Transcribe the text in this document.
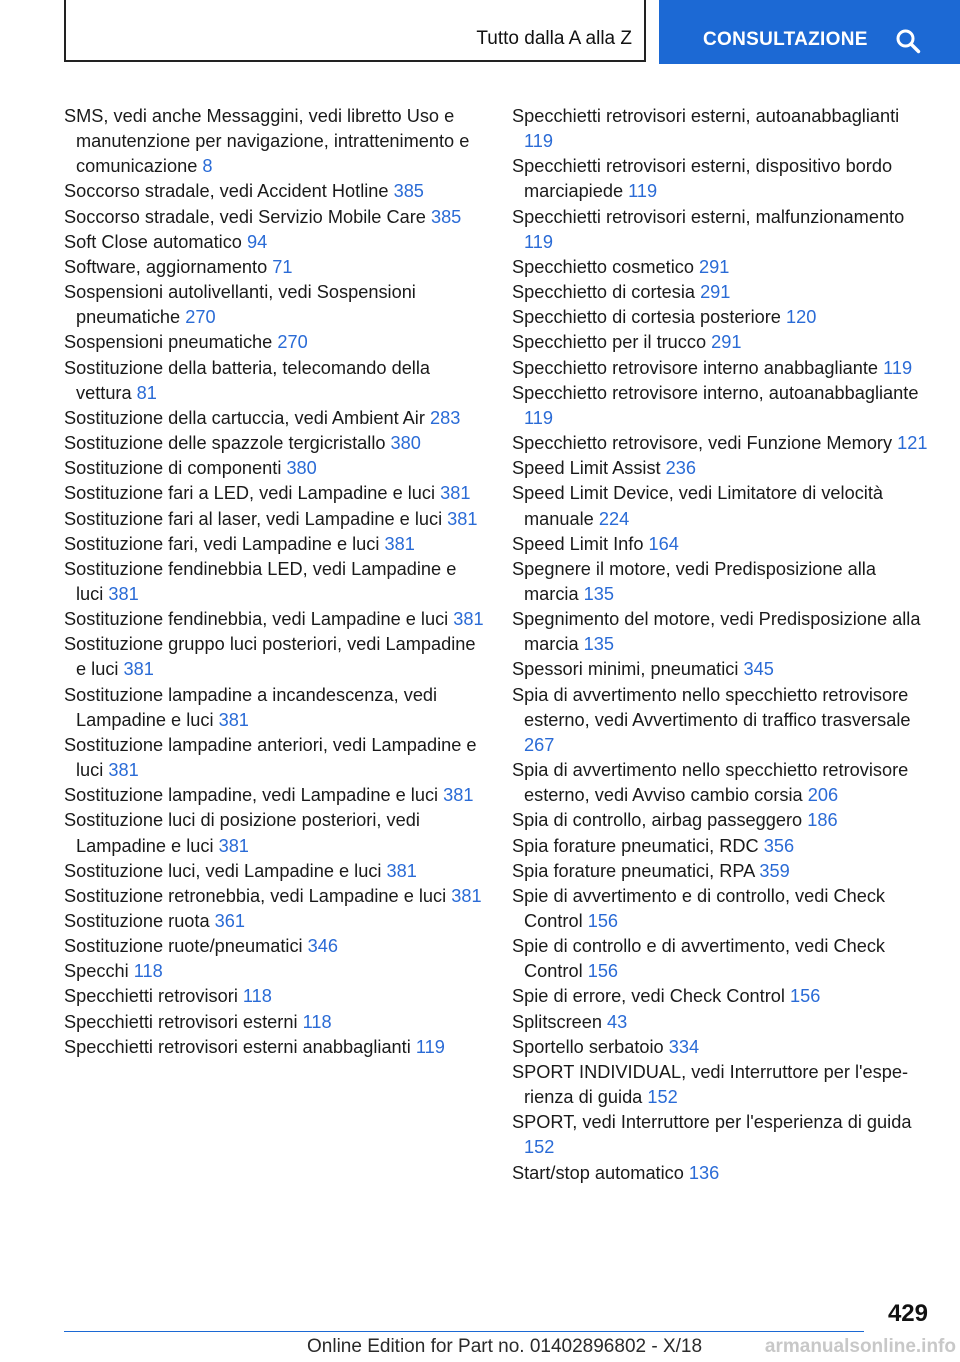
Tutto dalla A alla Z	CONSULTAZIONE
SMS, vedi anche Messaggini, vedi libretto Uso e manutenzione per navigazione, intrattenimento e comunicazione 8
Soccorso stradale, vedi Accident Hotline 385
Soccorso stradale, vedi Servizio Mobile Care 385
Soft Close automatico 94
Software, aggiornamento 71
Sospensioni autolivellanti, vedi Sospensioni pneumatiche 270
Sospensioni pneumatiche 270
Sostituzione della batteria, telecomando della vettura 81
Sostituzione della cartuccia, vedi Ambient Air 283
Sostituzione delle spazzole tergicristallo 380
Sostituzione di componenti 380
Sostituzione fari a LED, vedi Lampadine e luci 381
Sostituzione fari al laser, vedi Lampadine e luci 381
Sostituzione fari, vedi Lampadine e luci 381
Sostituzione fendinebbia LED, vedi Lampadine e luci 381
Sostituzione fendinebbia, vedi Lampadine e luci 381
Sostituzione gruppo luci posteriori, vedi Lampadine e luci 381
Sostituzione lampadine a incandescenza, vedi Lampadine e luci 381
Sostituzione lampadine anteriori, vedi Lampadine e luci 381
Sostituzione lampadine, vedi Lampadine e luci 381
Sostituzione luci di posizione posteriori, vedi Lampadine e luci 381
Sostituzione luci, vedi Lampadine e luci 381
Sostituzione retronebbia, vedi Lampadine e luci 381
Sostituzione ruota 361
Sostituzione ruote/pneumatici 346
Specchi 118
Specchietti retrovisori 118
Specchietti retrovisori esterni 118
Specchietti retrovisori esterni anabbaglianti 119
Specchietti retrovisori esterni, autoanabbaglianti 119
Specchietti retrovisori esterni, dispositivo bordo marciapiede 119
Specchietti retrovisori esterni, malfunzionamento 119
Specchietto cosmetico 291
Specchietto di cortesia 291
Specchietto di cortesia posteriore 120
Specchietto per il trucco 291
Specchietto retrovisore interno anabbagliante 119
Specchietto retrovisore interno, autoanabbagliante 119
Specchietto retrovisore, vedi Funzione Memory 121
Speed Limit Assist 236
Speed Limit Device, vedi Limitatore di velocità manuale 224
Speed Limit Info 164
Spegnere il motore, vedi Predisposizione alla marcia 135
Spegnimento del motore, vedi Predisposizione alla marcia 135
Spessori minimi, pneumatici 345
Spia di avvertimento nello specchietto retrovisore esterno, vedi Avvertimento di traffico trasversale 267
Spia di avvertimento nello specchietto retrovisore esterno, vedi Avviso cambio corsia 206
Spia di controllo, airbag passeggero 186
Spia forature pneumatici, RDC 356
Spia forature pneumatici, RPA 359
Spie di avvertimento e di controllo, vedi Check Control 156
Spie di controllo e di avvertimento, vedi Check Control 156
Spie di errore, vedi Check Control 156
Splitscreen 43
Sportello serbatoio 334
SPORT INDIVIDUAL, vedi Interruttore per l'esperienza di guida 152
SPORT, vedi Interruttore per l'esperienza di guida 152
Start/stop automatico 136
429
Online Edition for Part no. 01402896802 - X/18	armanualsonline.info
